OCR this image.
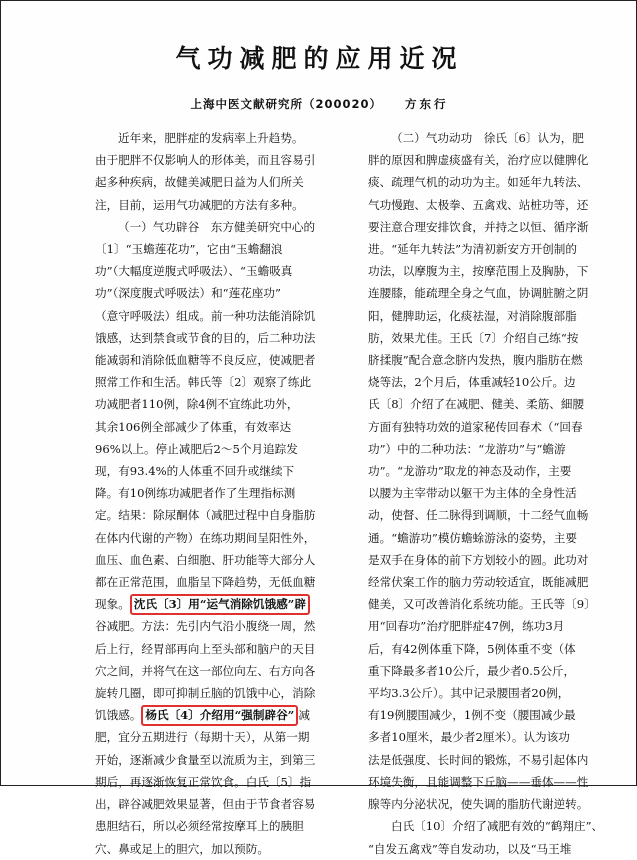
气功减肥的应用近况
上海中医文献研究所（200020） 方东行
近年来，肥胖症的发病率上升趋势。
由于肥胖不仅影响人的形体美，而且容易引
起多种疾病，故健美减肥日益为人们所关
注，目前，运用气功减肥的方法有多种。
（一）气功辟谷　东方健美研究中心的
〔1〕“玉蟾莲花功”，它由“玉蟾翻浪
功”（大幅度逆腹式呼吸法）、“玉蟾吸真
功”（深度腹式呼吸法）和“莲花座功”
（意守呼吸法）组成。前一种功法能消除饥
饿感，达到禁食或节食的目的，后二种功法
能减弱和消除低血糖等不良反应，使减肥者
照常工作和生活。韩氏等〔2〕观察了练此
功减肥者110例，除4例不宜练此功外，
其余106例全部减少了体重，有效率达
96%以上。停止减肥后2～5个月追踪发
现，有93.4%的人体重不回升或继续下
降。有10例练功减肥者作了生理指标测
定。结果：除尿酮体（减肥过程中自身脂肪
在体内代谢的产物）在练功期间呈阳性外，
血压、血色素、白细胞、肝功能等大部分人
都在正常范围，血脂呈下降趋势，无低血糖
现象。 沈氏〔3〕用“运气消除饥饿感”辟
谷减肥。方法：先引内气沿小腹绕一周，然
后上行，经胃部再向上至头部和脑户的天目
穴之间，并将气在这一部位向左、右方向各
旋转几圈，即可抑制丘脑的饥饿中心，消除
饥饿感。 杨氏〔4〕介绍用“强制辟谷” 减
肥，宜分五期进行（每期十天），从第一期
开始，逐渐减少食量至以流质为主，到第三
期后，再逐渐恢复正常饮食。白氏〔5〕指
出，辟谷减肥效果显著，但由于节食者容易
患胆结石，所以必须经常按摩耳上的胰胆
穴、鼻或足上的胆穴，加以预防。
（二）气功动功　徐氏〔6〕认为，肥
胖的原因和脾虚痰盛有关，治疗应以健脾化
痰、疏理气机的动功为主。如延年九转法、
气功慢跑、太极拳、五禽戏、站桩功等，还
要注意合理安排饮食，并持之以恒、循序渐
进。“延年九转法”为清初新安方开创制的
功法，以摩腹为主，按摩范围上及胸胁，下
连腰膝，能疏理全身之气血，协调脏腑之阴
阳，健脾助运，化痰祛湿，对消除腹部脂
肪，效果尤佳。王氏〔7〕介绍自己练“按
脐揉腹”配合意念脐内发热，腹内脂肪在燃
烧等法，2个月后，体重减轻10公斤。边
氏〔8〕介绍了在减肥、健美、柔筋、細腰
方面有独特功效的道家秘传回春术（“回春
功”）中的二种功法：“龙游功”与“蟾游
功”。“龙游功”取龙的神态及动作，主要
以腰为主宰带动以躯干为主体的全身性活
动，使督、任二脉得到调顺，十二经气血畅
通。“蟾游功”模仿蟾蜍游泳的姿势，主要
是双手在身体的前下方划较小的圆。此功对
经常伏案工作的脑力劳动较适宜，既能减肥
健美，又可改善消化系统功能。王氏等〔9〕
用“回春功”治疗肥胖症47例，练功3月
后，有42例体重下降，5例体重不变（体
重下降最多者10公斤，最少者0.5公斤，
平均3.3公斤）。其中记录腰围者20例，
有19例腰围减少，1例不变（腰围减少最
多者10厘米，最少者2厘米）。认为该功
法是低强度、长时间的锻炼，不易引起体内
环境失衡，且能调整下丘脑——垂体——性
腺等内分泌状况，使失调的脂肪代谢逆转。
白氏〔10〕介绍了减肥有效的“鹤翔庄”、
“自发五禽戏”等自发动功，以及“马王堆
